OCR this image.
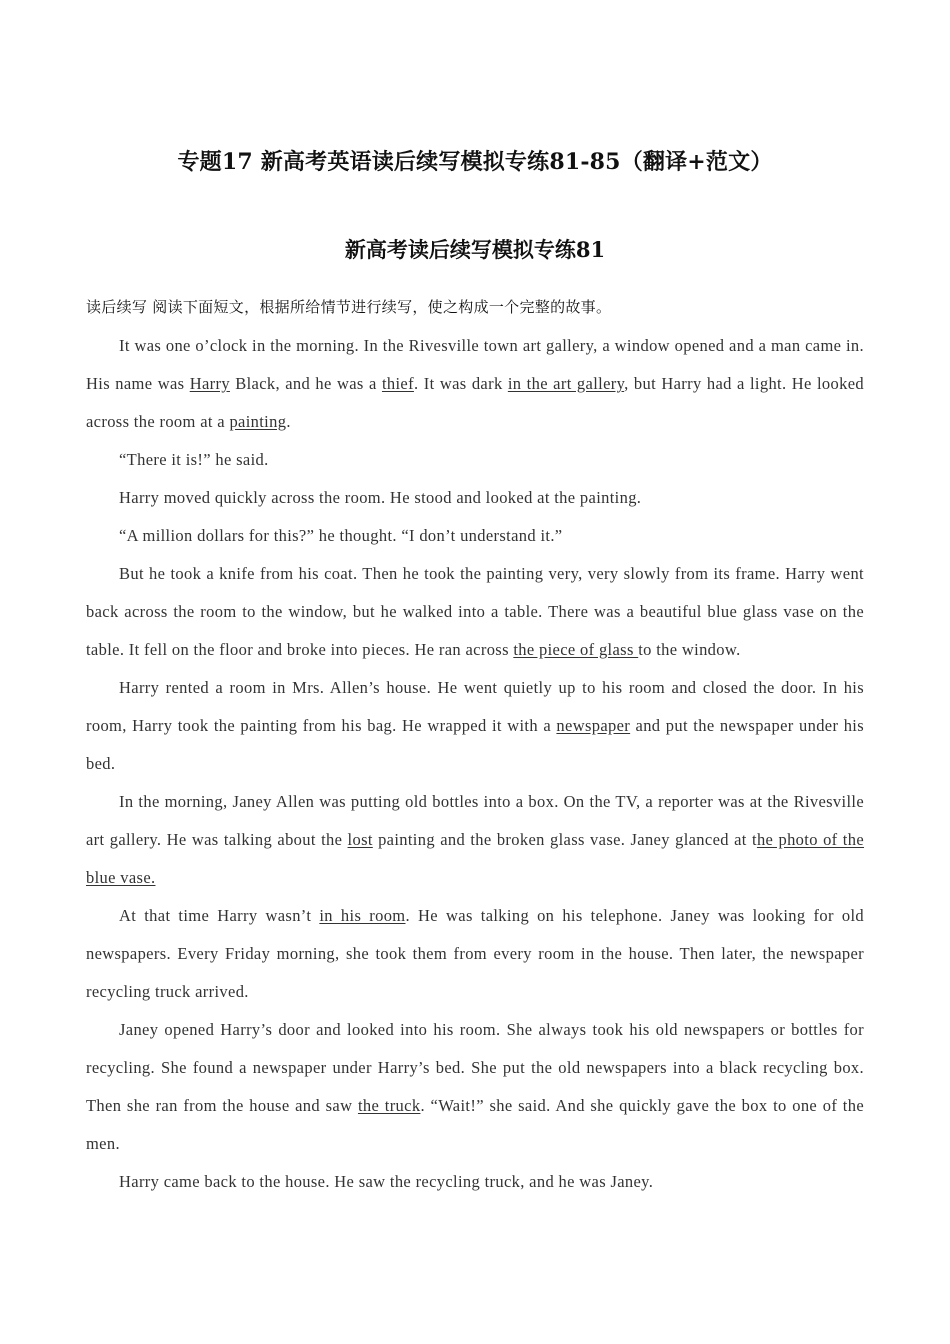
专题17 新高考英语读后续写模拟专练81-85（翻译+范文）
新高考读后续写模拟专练81
读后续写 阅读下面短文，根据所给情节进行续写，使之构成一个完整的故事。

It was one o’clock in the morning. In the Rivesville town art gallery, a window opened and a man came in. His name was Harry Black, and he was a thief. It was dark in the art gallery, but Harry had a light. He looked across the room at a painting.

“There it is!” he said.

Harry moved quickly across the room. He stood and looked at the painting.

“A million dollars for this?” he thought. “I don’t understand it.”

But he took a knife from his coat. Then he took the painting very, very slowly from its frame. Harry went back across the room to the window, but he walked into a table. There was a beautiful blue glass vase on the table. It fell on the floor and broke into pieces. He ran across the piece of glass to the window.

Harry rented a room in Mrs. Allen’s house. He went quietly up to his room and closed the door. In his room, Harry took the painting from his bag. He wrapped it with a newspaper and put the newspaper under his bed.

In the morning, Janey Allen was putting old bottles into a box. On the TV, a reporter was at the Rivesville art gallery. He was talking about the lost painting and the broken glass vase. Janey glanced at the photo of the blue vase.

At that time Harry wasn’t in his room. He was talking on his telephone. Janey was looking for old newspapers. Every Friday morning, she took them from every room in the house. Then later, the newspaper recycling truck arrived.

Janey opened Harry’s door and looked into his room. She always took his old newspapers or bottles for recycling. She found a newspaper under Harry’s bed. She put the old newspapers into a black recycling box. Then she ran from the house and saw the truck. “Wait!” she said. And she quickly gave the box to one of the men.

Harry came back to the house. He saw the recycling truck, and he was Janey.
